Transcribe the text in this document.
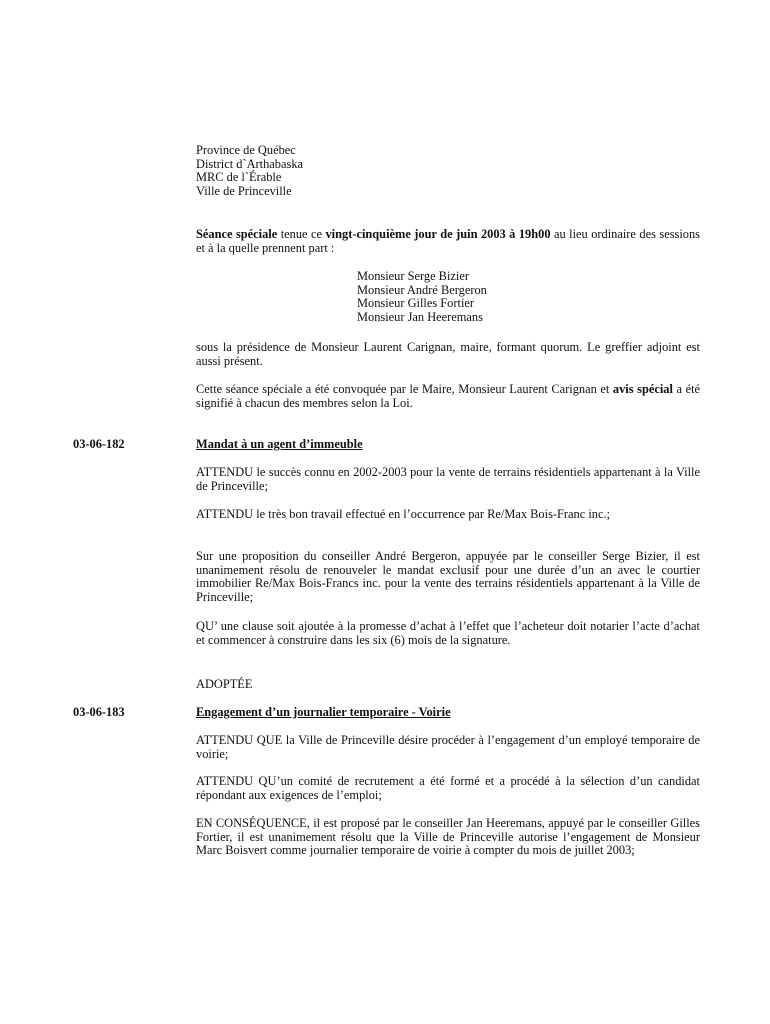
Province de Québec
District d`Arthabaska
MRC de l`Érable
Ville de Princeville

Séance spéciale tenue ce vingt-cinquième jour de juin 2003 à 19h00 au lieu ordinaire des sessions et à la quelle prennent part :

Monsieur Serge Bizier
Monsieur André Bergeron
Monsieur Gilles Fortier
Monsieur Jan Heeremans

sous la présidence de Monsieur Laurent Carignan, maire, formant quorum. Le greffier adjoint est aussi présent.

Cette séance spéciale a été convoquée par le Maire, Monsieur Laurent Carignan et avis spécial a été signifié à chacun des membres selon la Loi.

03-06-182	Mandat à un agent d’immeuble

ATTENDU le succès connu en 2002-2003 pour la vente de terrains résidentiels appartenant à la Ville de Princeville;

ATTENDU le très bon travail effectué en l’occurrence par Re/Max Bois-Franc inc.;

Sur une proposition du conseiller André Bergeron, appuyée par le conseiller Serge Bizier, il est unanimement résolu de renouveler le mandat exclusif pour une durée d’un an avec le courtier immobilier Re/Max Bois-Francs inc. pour la vente des terrains résidentiels appartenant à la Ville de Princeville;

QU’ une clause soit ajoutée à la promesse d’achat à l’effet que l’acheteur doit notarier l’acte d’achat et commencer à construire dans les six (6) mois de la signature.

ADOPTÉE

03-06-183	Engagement d’un journalier temporaire - Voirie

ATTENDU QUE la Ville de Princeville désire procéder à l’engagement d’un employé temporaire de voirie;

ATTENDU QU’un comité de recrutement a été formé et a procédé à la sélection d’un candidat répondant aux exigences de l’emploi;

EN CONSÉQUENCE, il est proposé par le conseiller Jan Heeremans, appuyé par le conseiller Gilles Fortier, il est unanimement résolu que la Ville de Princeville autorise l’engagement de Monsieur Marc Boisvert comme journalier temporaire de voirie à compter du mois de juillet 2003;
